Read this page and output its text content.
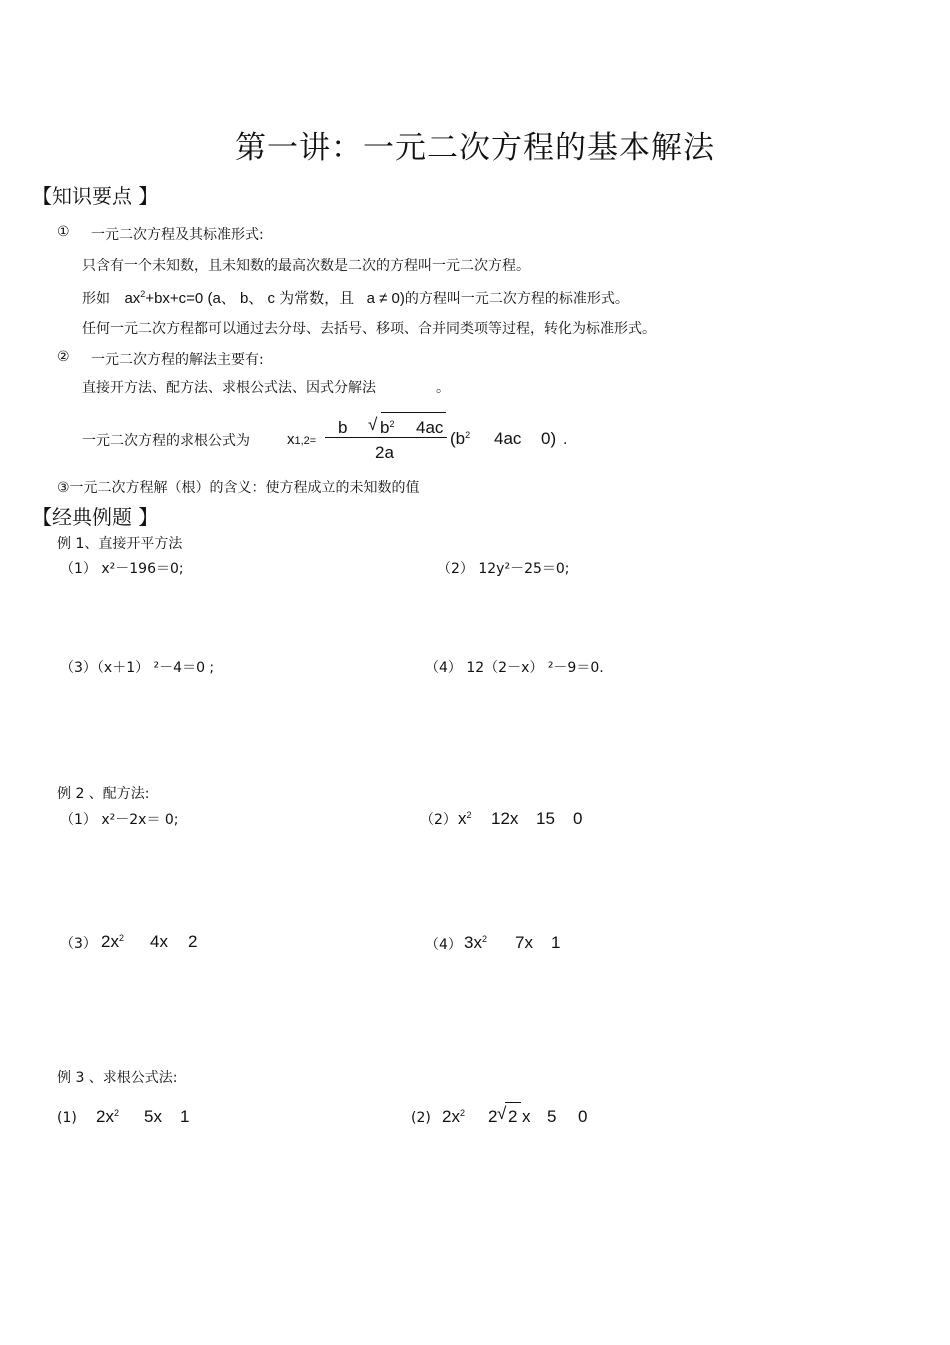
第一讲：一元二次方程的基本解法
【知识要点 】
① 一元二次方程及其标准形式:
只含有一个未知数，且未知数的最高次数是二次的方程叫一元二次方程。
形如 $ax^2+bx+c=0$ (a、 b、 c 为常数，且 a ≠ 0)的方程叫一元二次方程的标准形式。
任何一元二次方程都可以通过去分母、去括号、移项、合并同类项等过程，转化为标准形式。
② 一元二次方程的解法主要有:
直接开方法、配方法、求根公式法、因式分解法	。
一元二次方程的求根公式为 x1,2=
b √ $b^2$ 4ac
2a
($b^2$ 4ac 0) .
③一元二次方程解（根）的含义：使方程成立的未知数的值
【经典例题 】
例 1、直接开平方法
（1） x²－196＝0;	（2） 12y²－25＝0;
（3）（x＋1） ²－4＝0 ;	（4） 12（2－x） ²－9＝0.
例 2 、配方法:
（1） x²－2x＝ 0;	（2） $x^2$ 12x 15 0
（3） $2x^2$ 4x 2	（4） $3x^2$ 7x 1
例 3 、求根公式法:
(1) $2x^2$ 5x 1	(2) $2x^2$ 2 √ 2 x 5 0
